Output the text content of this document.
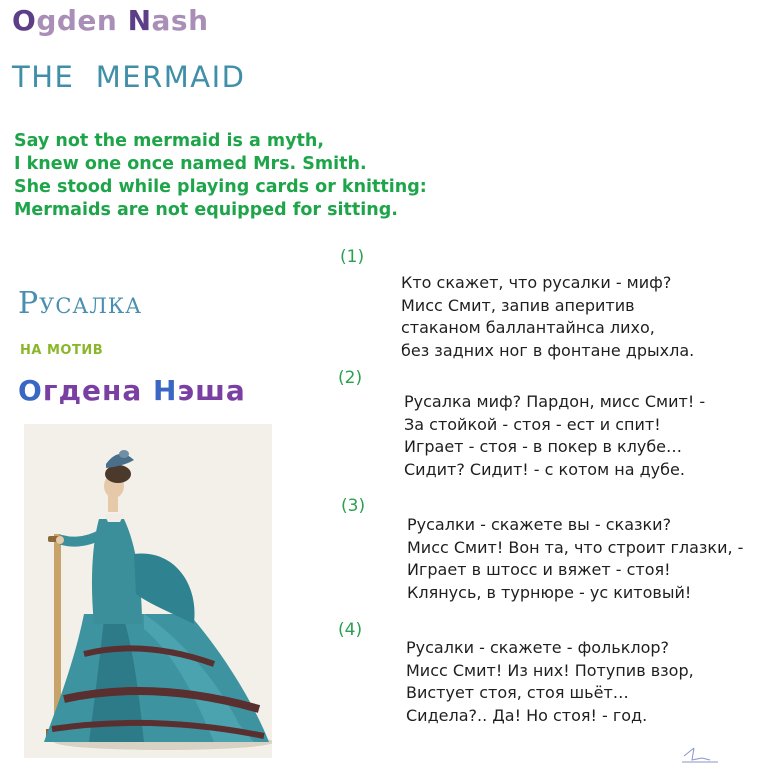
Ogden Nash
THE  MERMAID
Say not the mermaid is a myth,
I knew one once named Mrs. Smith.
She stood while playing cards or knitting:
Mermaids are not equipped for sitting.
Русалка
НА МОТИВ
Огдена Нэша
(1)
(2)
(3)
(4)
Кто скажет, что русалки - миф?
Мисс Смит, запив аперитив
стаканом баллантайнса лихо,
без задних ног в фонтане дрыхла.
Русалка миф? Пардон, мисс Смит! -
За стойкой - стоя - ест и спит!
Играет - стоя - в покер в клубе…
Сидит? Сидит! - с котом на дубе.
Русалки - скажете вы - сказки?
Мисс Смит! Вон та, что строит глазки, -
Играет в штосс и вяжет - стоя!
Клянусь, в турнюре - ус китовый!
Русалки - скажете - фольклор?
Мисс Смит! Из них! Потупив взор,
Вистует стоя, стоя шьёт…
Сидела?.. Да! Но стоя! - год.
